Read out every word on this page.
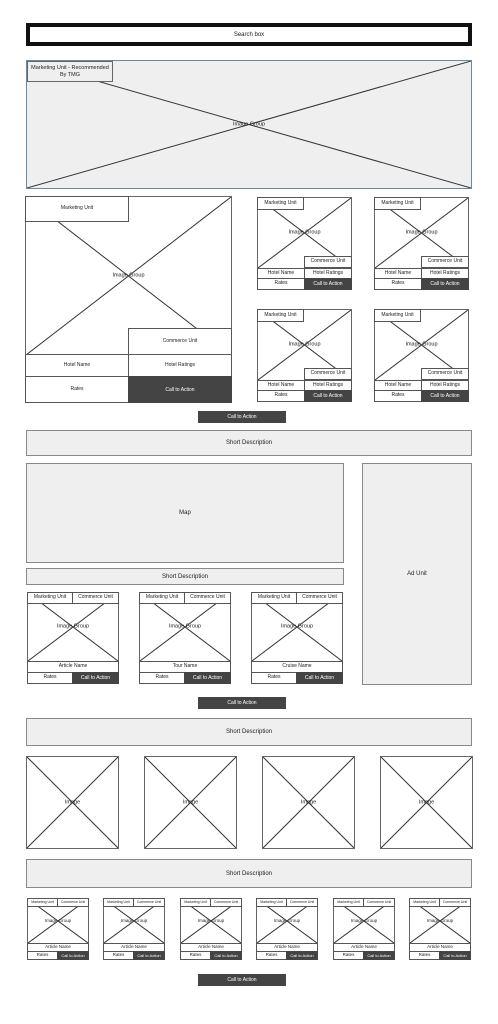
Search box
Image Group
Marketing Unit - Recommended By TMG
Image Group
Marketing Unit
Commerce Unit
Hotel Name	Hotel Ratings
Rates	Call to Action
Image Group
Marketing Unit
Commerce Unit
Hotel Name	Hotel Ratings
Rates	Call to Action
Image Group
Marketing Unit
Commerce Unit
Hotel Name	Hotel Ratings
Rates	Call to Action
Image Group
Marketing Unit
Commerce Unit
Hotel Name	Hotel Ratings
Rates	Call to Action
Image Group
Marketing Unit
Commerce Unit
Hotel Name	Hotel Ratings
Rates	Call to Action
Call to Action
Short Description
Map
Ad Unit
Short Description
Image Group
Marketing Unit	Commerce Unit
Article Name
Rates	Call to Action
Image Group
Marketing Unit	Commerce Unit
Tour Name
Rates	Call to Action
Image Group
Marketing Unit	Commerce Unit
Cruise Name
Rates	Call to Action
Call to Action
Short Description
Image	Image	Image	Image
Short Description
Image Group
Marketing Unit	Commerce Unit
Article Name
Rates	Call to Action
Image Group
Marketing Unit	Commerce Unit
Article Name
Rates	Call to Action
Image Group
Marketing Unit	Commerce Unit
Article Name
Rates	Call to Action
Image Group
Marketing Unit	Commerce Unit
Article Name
Rates	Call to Action
Image Group
Marketing Unit	Commerce Unit
Article Name
Rates	Call to Action
Image Group
Marketing Unit	Commerce Unit
Article Name
Rates	Call to Action
Call to Action
